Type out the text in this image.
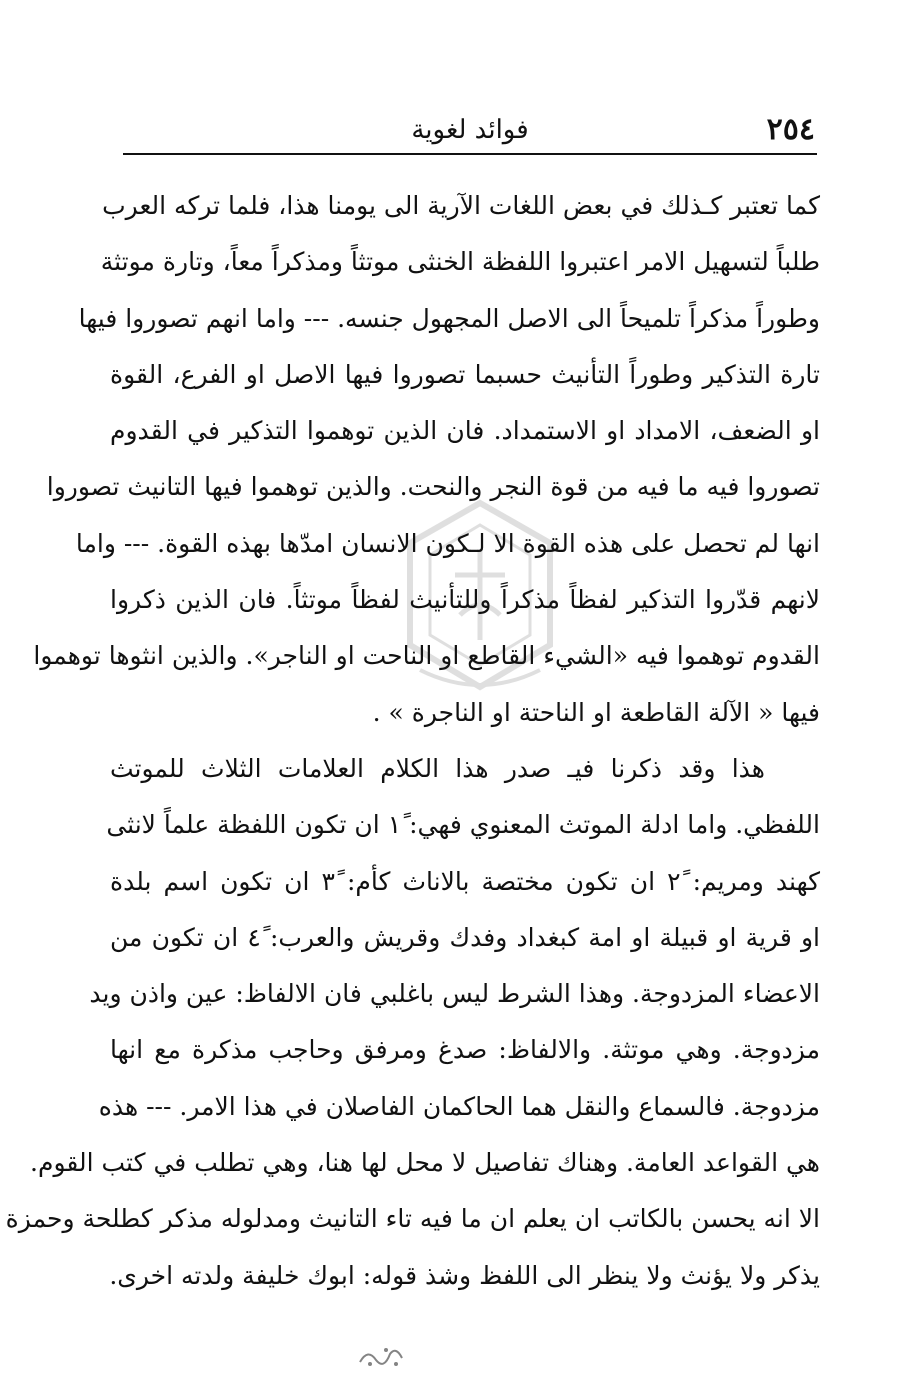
٢٥٤
فوائد لغوية
كما تعتبر كـذلك في بعض اللغات الآرية الى يومنا هذا، فلما تركه العرب
طلباً لتسهيل الامر اعتبروا اللفظة الخنثى موتثاً ومذكراً معاً، وتارة موتثة
وطوراً مذكراً تلميحاً الى الاصل المجهول جنسه. --- واما انهم تصوروا فيها
تارة التذكير وطوراً التأنيث حسبما تصوروا فيها الاصل او الفرع، القوة
او الضعف، الامداد او الاستمداد. فان الذين توهموا التذكير في القدوم
تصوروا فيه ما فيه من قوة النجر والنحت. والذين توهموا فيها التانيث تصوروا
انها لم تحصل على هذه القوة الا لـكون الانسان امدّها بهذه القوة. --- واما
لانهم قدّروا التذكير لفظاً مذكراً وللتأنيث لفظاً موتثاً. فان الذين ذكروا
القدوم توهموا فيه «الشيء القاطع او الناحت او الناجر». والذين انثوها توهموا
فيها « الآلة القاطعة او الناحتة او الناجرة » .
هذا وقد ذكرنا فيـ صدر هذا الكلام العلامات الثلاث للموتث
اللفظي. واما ادلة الموتث المعنوي فهي: ١ً ان تكون اللفظة علماً لانثى
كهند ومريم: ٢ً ان تكون مختصة بالاناث كأم: ٣ً ان تكون اسم بلدة
او قرية او قبيلة او امة كبغداد وفدك وقريش والعرب: ٤ً ان تكون من
الاعضاء المزدوجة. وهذا الشرط ليس باغلبي فان الالفاظ: عين واذن ويد
مزدوجة. وهي موتثة. والالفاظ: صدغ ومرفق وحاجب مذكرة مع انها
مزدوجة. فالسماع والنقل هما الحاكمان الفاصلان في هذا الامر. --- هذه
هي القواعد العامة. وهناك تفاصيل لا محل لها هنا، وهي تطلب في كتب القوم.
الا انه يحسن بالكاتب ان يعلم ان ما فيه تاء التانيث ومدلوله مذكر كطلحة وحمزة
يذكر ولا يؤنث ولا ينظر الى اللفظ وشذ قوله: ابوك خليفة ولدته اخرى.
